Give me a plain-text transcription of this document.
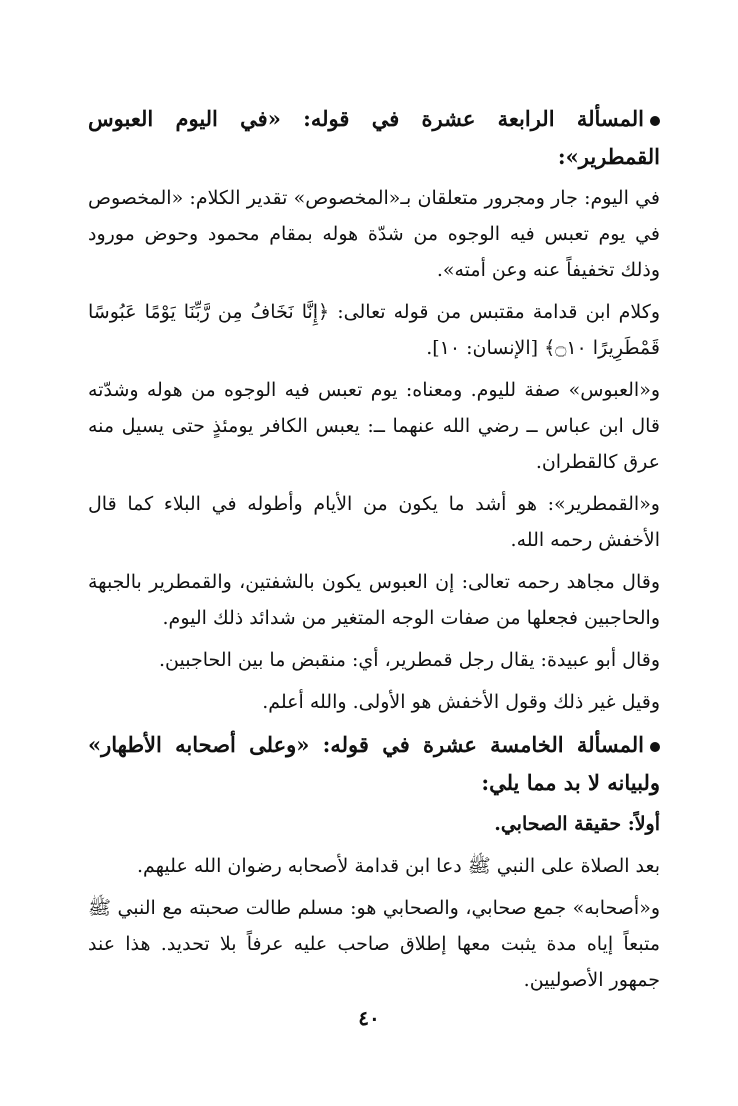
المسألة الرابعة عشرة في قوله: «في اليوم العبوس القمطرير»:

في اليوم: جار ومجرور متعلقان بـ«المخصوص» تقدير الكلام: «المخصوص في يوم تعبس فيه الوجوه من شدّة هوله بمقام محمود وحوض مورود وذلك تخفيفاً عنه وعن أمته».

وكلام ابن قدامة مقتبس من قوله تعالى: ﴿إِنَّا نَخَافُ مِن رَّبِّنَا يَوْمًا عَبُوسًا قَمْطَرِيرًا ۝١٠﴾ [الإنسان: ١٠].

و«العبوس» صفة لليوم. ومعناه: يوم تعبس فيه الوجوه من هوله وشدّته قال ابن عباس ــ رضي الله عنهما ــ: يعبس الكافر يومئذٍ حتى يسيل منه عرق كالقطران.

و«القمطرير»: هو أشد ما يكون من الأيام وأطوله في البلاء كما قال الأخفش رحمه الله.

وقال مجاهد رحمه تعالى: إن العبوس يكون بالشفتين، والقمطرير بالجبهة والحاجبين فجعلها من صفات الوجه المتغير من شدائد ذلك اليوم.

وقال أبو عبيدة: يقال رجل قمطرير، أي: منقبض ما بين الحاجبين.

وقيل غير ذلك وقول الأخفش هو الأولى. والله أعلم.

المسألة الخامسة عشرة في قوله: «وعلى أصحابه الأطهار» ولبيانه لا بد مما يلي:

أولاً: حقيقة الصحابي.

بعد الصلاة على النبي ﷺ دعا ابن قدامة لأصحابه رضوان الله عليهم.

و«أصحابه» جمع صحابي، والصحابي هو: مسلم طالت صحبته مع النبي ﷺ متبعاً إياه مدة يثبت معها إطلاق صاحب عليه عرفاً بلا تحديد. هذا عند جمهور الأصوليين.

٤٠
